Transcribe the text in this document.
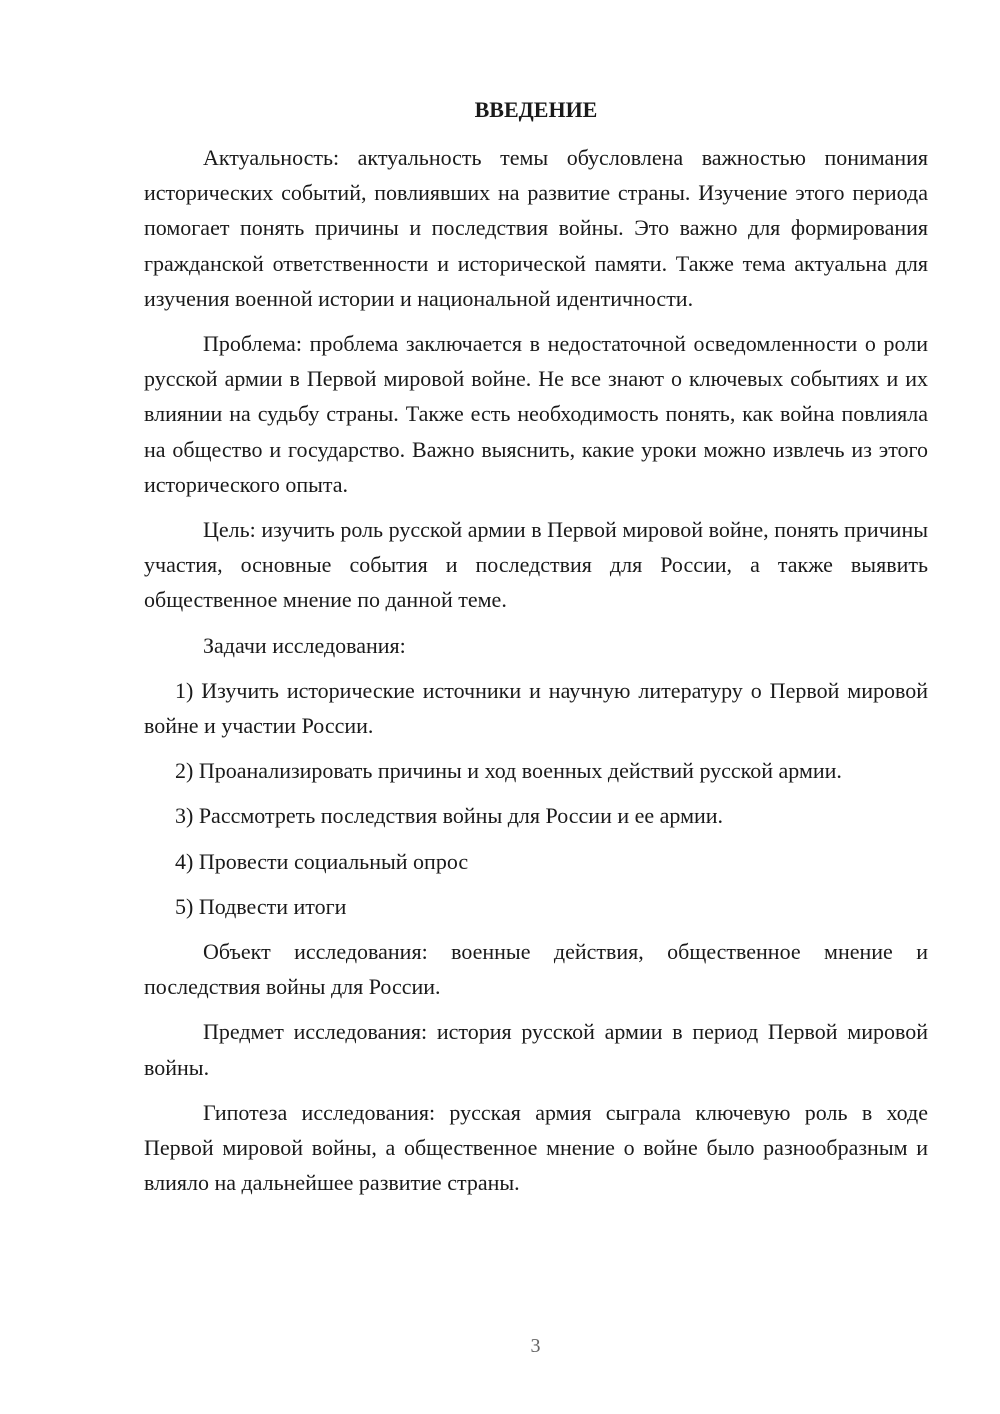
ВВЕДЕНИЕ

Актуальность: актуальность темы обусловлена важностью понимания исторических событий, повлиявших на развитие страны. Изучение этого периода помогает понять причины и последствия войны. Это важно для формирования гражданской ответственности и исторической памяти. Также тема актуальна для изучения военной истории и национальной идентичности.

Проблема: проблема заключается в недостаточной осведомленности о роли русской армии в Первой мировой войне. Не все знают о ключевых событиях и их влиянии на судьбу страны. Также есть необходимость понять, как война повлияла на общество и государство. Важно выяснить, какие уроки можно извлечь из этого исторического опыта.

Цель: изучить роль русской армии в Первой мировой войне, понять причины участия, основные события и последствия для России, а также выявить общественное мнение по данной теме.

Задачи исследования:

1) Изучить исторические источники и научную литературу о Первой мировой войне и участии России.

2) Проанализировать причины и ход военных действий русской армии.

3) Рассмотреть последствия войны для России и ее армии.

4) Провести социальный опрос

5) Подвести итоги

Объект исследования: военные действия, общественное мнение и последствия войны для России.

Предмет исследования: история русской армии в период Первой мировой войны.

Гипотеза исследования: русская армия сыграла ключевую роль в ходе Первой мировой войны, а общественное мнение о войне было разнообразным и влияло на дальнейшее развитие страны.

3
